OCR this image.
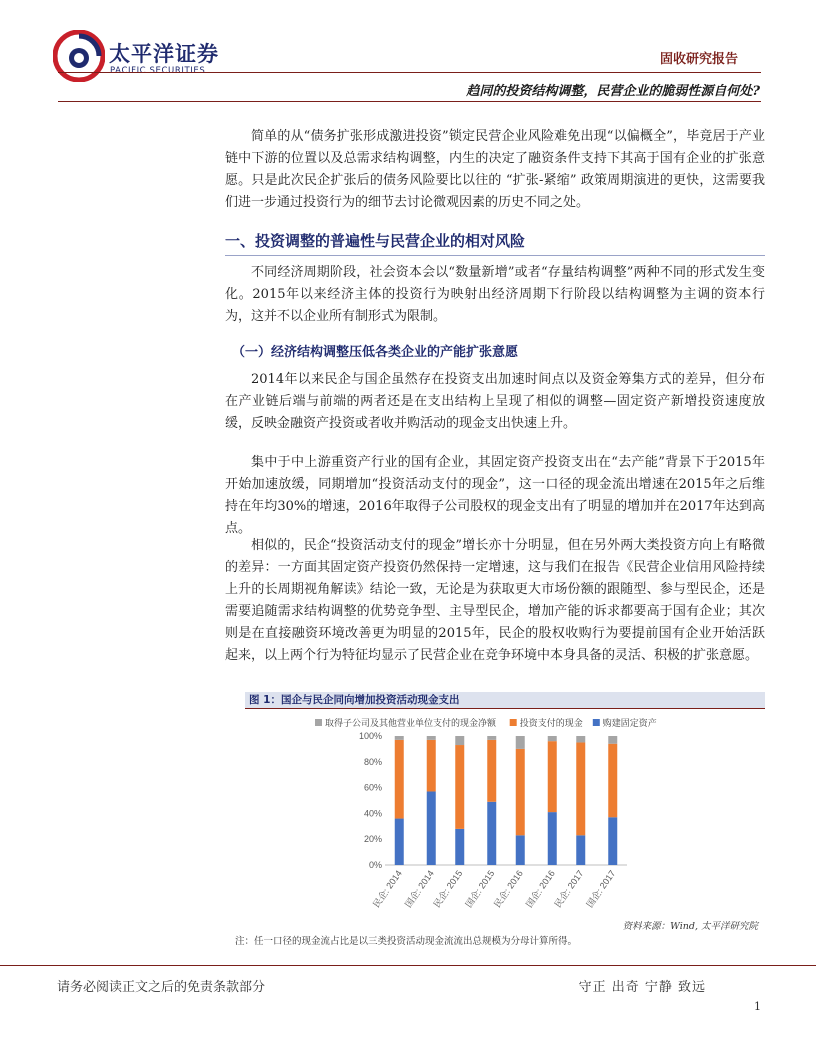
太平洋证券
PACIFIC SECURITIES
固收研究报告
趋同的投资结构调整，民营企业的脆弱性源自何处?

简单的从“债务扩张形成激进投资”锁定民营企业风险难免出现“以偏概全”，毕竟居于产业链中下游的位置以及总需求结构调整，内生的决定了融资条件支持下其高于国有企业的扩张意愿。只是此次民企扩张后的债务风险要比以往的 “扩张-紧缩” 政策周期演进的更快，这需要我们进一步通过投资行为的细节去讨论微观因素的历史不同之处。

一、投资调整的普遍性与民营企业的相对风险

不同经济周期阶段，社会资本会以“数量新增”或者“存量结构调整”两种不同的形式发生变化。2015年以来经济主体的投资行为映射出经济周期下行阶段以结构调整为主调的资本行为，这并不以企业所有制形式为限制。

（一）经济结构调整压低各类企业的产能扩张意愿

2014年以来民企与国企虽然存在投资支出加速时间点以及资金筹集方式的差异，但分布在产业链后端与前端的两者还是在支出结构上呈现了相似的调整—固定资产新增投资速度放缓，反映金融资产投资或者收并购活动的现金支出快速上升。

集中于中上游重资产行业的国有企业，其固定资产投资支出在“去产能”背景下于2015年开始加速放缓，同期增加“投资活动支付的现金”，这一口径的现金流出增速在2015年之后维持在年均30%的增速，2016年取得子公司股权的现金支出有了明显的增加并在2017年达到高点。

相似的，民企“投资活动支付的现金”增长亦十分明显，但在另外两大类投资方向上有略微的差异：一方面其固定资产投资仍然保持一定增速，这与我们在报告《民营企业信用风险持续上升的长周期视角解读》结论一致，无论是为获取更大市场份额的跟随型、参与型民企，还是需要追随需求结构调整的优势竞争型、主导型民企，增加产能的诉求都要高于国有企业；其次则是在直接融资环境改善更为明显的2015年，民企的股权收购行为要提前国有企业开始活跃起来，以上两个行为特征均显示了民营企业在竞争环境中本身具备的灵活、积极的扩张意愿。

图 1：国企与民企同向增加投资活动现金支出
0%
20%
40%
60%
80%
100%
取得子公司及其他营业单位支付的现金净额	投资支付的现金 购建固定资产
民企: 2014 国企: 2014
民企: 2015 国企: 2015
民企: 2016 国企: 2016
民企: 2017 国企: 2017
资料来源：Wind, 太平洋研究院
注：任一口径的现金流占比是以三类投资活动现金流流出总规模为分母计算所得。
请务必阅读正文之后的免责条款部分	守正 出奇 宁静 致远
1
